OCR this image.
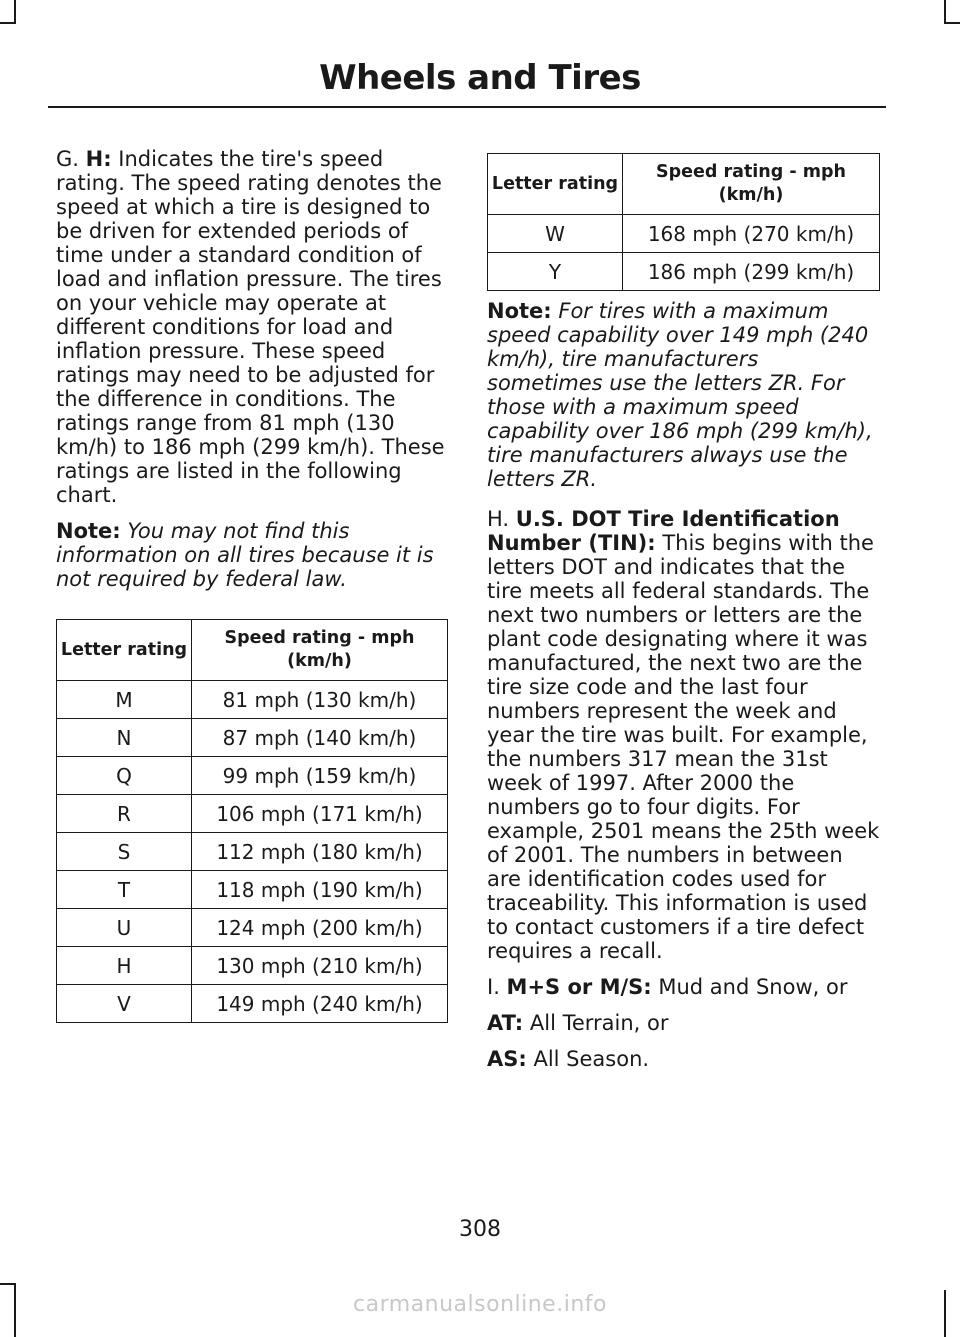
Wheels and Tires

G. H: Indicates the tire's speed rating. The speed rating denotes the speed at which a tire is designed to be driven for extended periods of time under a standard condition of load and inflation pressure. The tires on your vehicle may operate at different conditions for load and inflation pressure. These speed ratings may need to be adjusted for the difference in conditions. The ratings range from 81 mph (130 km/h) to 186 mph (299 km/h). These ratings are listed in the following chart.

Note: You may not find this information on all tires because it is not required by federal law.

Letter rating	Speed rating - mph (km/h)
M	81 mph (130 km/h)
N	87 mph (140 km/h)
Q	99 mph (159 km/h)
R	106 mph (171 km/h)
S	112 mph (180 km/h)
T	118 mph (190 km/h)
U	124 mph (200 km/h)
H	130 mph (210 km/h)
V	149 mph (240 km/h)
Letter rating	Speed rating - mph (km/h)
W	168 mph (270 km/h)
Y	186 mph (299 km/h)

Note: For tires with a maximum speed capability over 149 mph (240 km/h), tire manufacturers sometimes use the letters ZR. For those with a maximum speed capability over 186 mph (299 km/h), tire manufacturers always use the letters ZR.

H. U.S. DOT Tire Identification Number (TIN): This begins with the letters DOT and indicates that the tire meets all federal standards. The next two numbers or letters are the plant code designating where it was manufactured, the next two are the tire size code and the last four numbers represent the week and year the tire was built. For example, the numbers 317 mean the 31st week of 1997. After 2000 the numbers go to four digits. For example, 2501 means the 25th week of 2001. The numbers in between are identification codes used for traceability. This information is used to contact customers if a tire defect requires a recall.

I. M+S or M/S: Mud and Snow, or

AT: All Terrain, or

AS: All Season.

308
carmanualsonline.info
